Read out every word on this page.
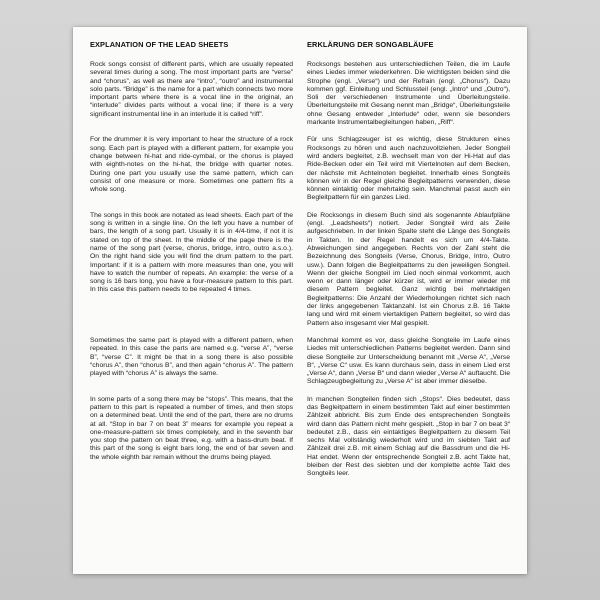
EXPLANATION OF THE LEAD SHEETS	ERKLÄRUNG DER SONGABLÄUFE

Rock songs consist of different parts, which are usually repeated several times during a song. The most important parts are “verse” and “chorus”, as well as there are “intro”, “outro” and instrumental solo parts. “Bridge” is the name for a part which connects two more important parts where there is a vocal line in the original, an “interlude” divides parts without a vocal line; if there is a very significant instrumental line in an interlude it is called “riff”.

Rocksongs bestehen aus unterschiedlichen Teilen, die im Laufe eines Liedes immer wiederkehren. Die wichtigsten beiden sind die Strophe (engl. „Verse“) und der Refrain (engl. „Chorus“). Dazu kommen ggf. Einleitung und Schlussteil (engl. „Intro“ und „Outro“), Soli der verschiedenen Instrumente und Überleitungsteile. Überleitungsteile mit Gesang nennt man „Bridge“, Überleitungsteile ohne Gesang entweder „Interlude“ oder, wenn sie besonders markante Instrumentalbegleitungen haben, „Riff“.

For the drummer it is very important to hear the structure of a rock song. Each part is played with a different pattern, for example you change between hi-hat and ride-cymbal, or the chorus is played with eighth-notes on the hi-hat, the bridge with quarter notes. During one part you usually use the same pattern, which can consist of one measure or more. Sometimes one pattern fits a whole song.

Für uns Schlagzeuger ist es wichtig, diese Strukturen eines Rocksongs zu hören und auch nachzuvollziehen. Jeder Songteil wird anders begleitet, z.B. wechselt man von der Hi-Hat auf das Ride-Becken oder ein Teil wird mit Viertelnoten auf dem Becken, der nächste mit Achtelnoten begleitet. Innerhalb eines Songteils können wir in der Regel gleiche Begleitpatterns verwenden, diese können eintaktig oder mehrtaktig sein. Manchmal passt auch ein Begleitpattern für ein ganzes Lied.

The songs in this book are notated as lead sheets. Each part of the song is written in a single line. On the left you have a number of bars, the length of a song part. Usually it is in 4/4-time, if not it is stated on top of the sheet. In the middle of the page there is the name of the song part (verse, chorus, bridge, intro, outro a.s.o.). On the right hand side you will find the drum pattern to the part. Important: if it is a pattern with more measures than one, you will have to watch the number of repeats. An example: the verse of a song is 16 bars long, you have a four-measure pattern to this part. In this case this pattern needs to be repeated 4 times.

Die Rocksongs in diesem Buch sind als sogenannte Ablaufpläne (engl. „Leadsheets“) notiert. Jeder Songteil wird als Zeile aufgeschrieben. In der linken Spalte steht die Länge des Songteils in Takten. In der Regel handelt es sich um 4/4-Takte. Abweichungen sind angegeben. Rechts von der Zahl steht die Bezeichnung des Songteils (Verse, Chorus, Bridge, Intro, Outro usw.). Dann folgen die Begleitpatterns zu den jeweiligen Songteil. Wenn der gleiche Songteil im Lied noch einmal vorkommt, auch wenn er dann länger oder kürzer ist, wird er immer wieder mit diesem Pattern begleitet. Ganz wichtig bei mehrtaktigen Begleitpatterns: Die Anzahl der Wiederholungen richtet sich nach der links angegebenen Taktanzahl. Ist ein Chorus z.B. 16 Takte lang und wird mit einem viertaktigen Pattern begleitet, so wird das Pattern also insgesamt vier Mal gespielt.

Sometimes the same part is played with a different pattern, when repeated. In this case the parts are named e.g. “verse A”, “verse B”, “verse C”. It might be that in a song there is also possible “chorus A”, then “chorus B”, and then again “chorus A”. The pattern played with “chorus A” is always the same.

Manchmal kommt es vor, dass gleiche Songteile im Laufe eines Liedes mit unterschiedlichen Patterns begleitet werden. Dann sind diese Songteile zur Unterscheidung benannt mit „Verse A“, „Verse B“, „Verse C“ usw. Es kann durchaus sein, dass in einem Lied erst „Verse A“, dann „Verse B“ und dann wieder „Verse A“ auftaucht. Die Schlagzeugbegleitung zu „Verse A“ ist aber immer dieselbe.

In some parts of a song there may be “stops”. This means, that the pattern to this part is repeated a number of times, and then stops on a determined beat. Until the end of the part, there are no drums at all. “Stop in bar 7 on beat 3” means for example you repeat a one-measure-pattern six times completely, and in the seventh bar you stop the pattern on beat three, e.g. with a bass-drum beat. If this part of the song is eight bars long, the end of bar seven and the whole eighth bar remain without the drums being played.

In manchen Songteilen finden sich „Stops“. Dies bedeutet, dass das Begleitpattern in einem bestimmten Takt auf einer bestimmten Zählzeit abbricht. Bis zum Ende des entsprechenden Songteils wird dann das Pattern nicht mehr gespielt. „Stop in bar 7 on beat 3“ bedeutet z.B., dass ein eintaktiges Begleitpattern zu diesem Teil sechs Mal vollständig wiederholt wird und im siebten Takt auf Zählzeit drei z.B. mit einem Schlag auf die Bassdrum und die Hi-Hat endet. Wenn der entsprechende Songteil z.B. acht Takte hat, bleiben der Rest des siebten und der komplette achte Takt des Songteils leer.
